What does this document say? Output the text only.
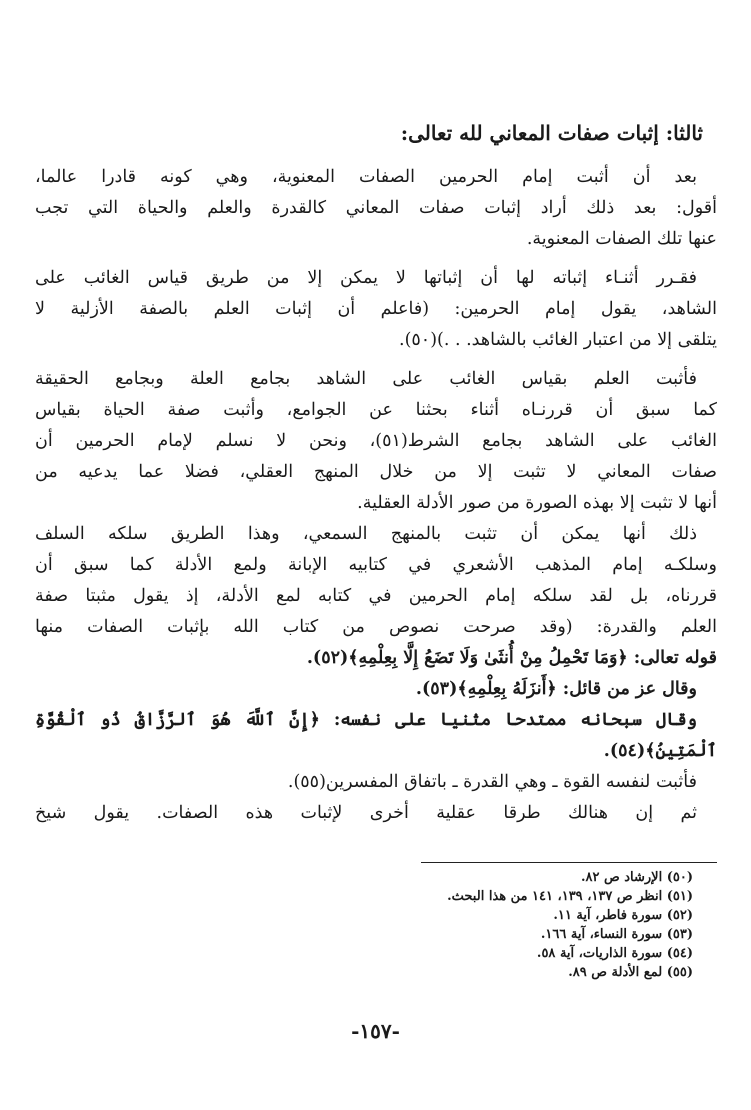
ثالثا: إثبات صفات المعاني لله تعالى:
بعد أن أثبت إمام الحرمين الصفات المعنوية، وهي كونه قادرا عالما،
أقول: بعد ذلك أراد إثبات صفات المعاني كالقدرة والعلم والحياة التي تجب
عنها تلك الصفات المعنوية.
فقـرر أثنـاء إثباته لها أن إثباتها لا يمكن إلا من طريق قياس الغائب على
الشاهد، يقول إمام الحرمين: (فاعلم أن إثبات العلم بالصفة الأزلية لا
يتلقى إلا من اعتبار الغائب بالشاهد. . .)(٥٠).
فأثبت العلم بقياس الغائب على الشاهد بجامع العلة وبجامع الحقيقة
كما سبق أن قررنـاه أثناء بحثنا عن الجوامع، وأثبت صفة الحياة بقياس
الغائب على الشاهد بجامع الشرط(٥١)، ونحن لا نسلم لإمام الحرمين أن
صفات المعاني لا تثبت إلا من خلال المنهج العقلي، فضلا عما يدعيه من
أنها لا تثبت إلا بهذه الصورة من صور الأدلة العقلية.
ذلك أنها يمكن أن تثبت بالمنهج السمعي، وهذا الطريق سلكه السلف
وسلكـه إمام المذهب الأشعري في كتابيه الإبانة ولمع الأدلة كما سبق أن
قررناه، بل لقد سلكه إمام الحرمين في كتابه لمع الأدلة، إذ يقول مثبتا صفة
العلم والقدرة: (وقد صرحت نصوص من كتاب الله بإثبات الصفات منها
قوله تعالى: ﴿وَمَا تَحْمِلُ مِنْ أُنثَىٰ وَلَا تَضَعُ إِلَّا بِعِلْمِهِ﴾(٥٢).
وقال عز من قائل: ﴿أَنزَلَهُ بِعِلْمِهِ﴾(٥٣).
وقال سبحانه ممتدحا مثنيا على نفسه: ﴿إِنَّ ٱللَّهَ هُوَ ٱلرَّزَّاقُ ذُو ٱلْقُوَّةِ
ٱلْمَتِينُ﴾(٥٤).
فأثبت لنفسه القوة ـ وهي القدرة ـ باتفاق المفسرين(٥٥).
ثم إن هنالك طرقا عقلية أخرى لإثبات هذه الصفات. يقول شيخ
(٥٠) الإرشاد ص ٨٢.
(٥١) انظر ص ١٣٧، ١٣٩، ١٤١ من هذا البحث.
(٥٢) سورة فاطر، آية ١١.
(٥٣) سورة النساء، آية ١٦٦.
(٥٤) سورة الذاريات، آية ٥٨.
(٥٥) لمع الأدلة ص ٨٩.
-١٥٧-
